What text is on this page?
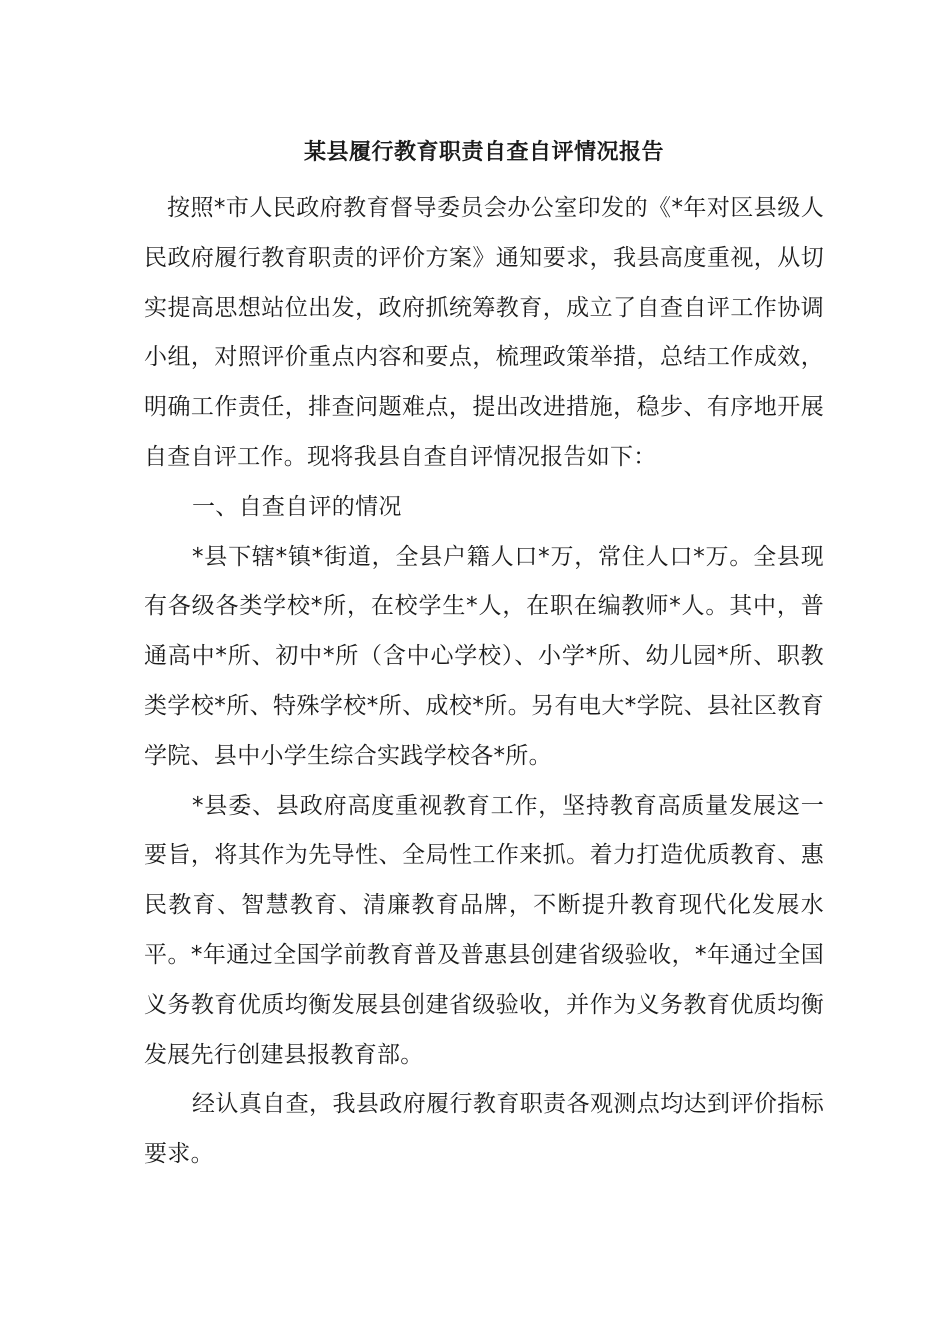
某县履行教育职责自查自评情况报告

按照*市人民政府教育督导委员会办公室印发的《*年对区县级人民政府履行教育职责的评价方案》通知要求，我县高度重视，从切实提高思想站位出发，政府抓统筹教育，成立了自查自评工作协调小组，对照评价重点内容和要点，梳理政策举措，总结工作成效，明确工作责任，排查问题难点，提出改进措施，稳步、有序地开展自查自评工作。现将我县自查自评情况报告如下：

一、自查自评的情况

*县下辖*镇*街道，全县户籍人口*万，常住人口*万。全县现有各级各类学校*所，在校学生*人，在职在编教师*人。其中，普通高中*所、初中*所（含中心学校）、小学*所、幼儿园*所、职教类学校*所、特殊学校*所、成校*所。另有电大*学院、县社区教育学院、县中小学生综合实践学校各*所。

*县委、县政府高度重视教育工作，坚持教育高质量发展这一要旨，将其作为先导性、全局性工作来抓。着力打造优质教育、惠民教育、智慧教育、清廉教育品牌，不断提升教育现代化发展水平。*年通过全国学前教育普及普惠县创建省级验收，*年通过全国义务教育优质均衡发展县创建省级验收，并作为义务教育优质均衡发展先行创建县报教育部。

经认真自查，我县政府履行教育职责各观测点均达到评价指标要求。
